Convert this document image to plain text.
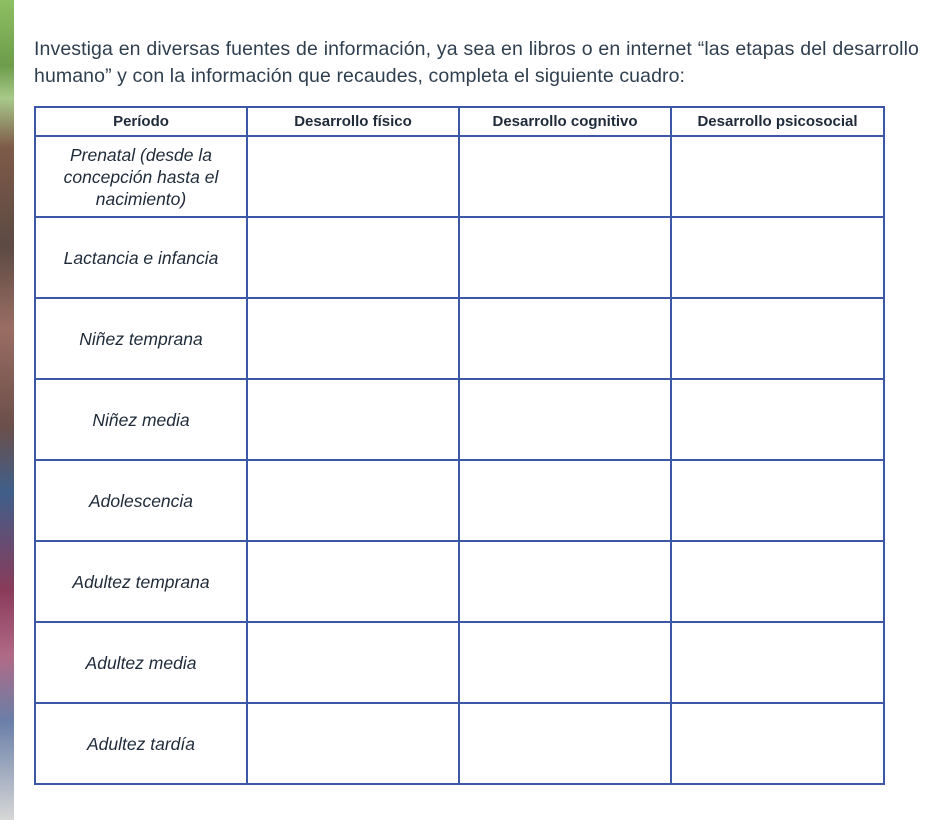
Investiga en diversas fuentes de información, ya sea en libros o en internet “las etapas del desarrollo humano” y con la información que recaudes, completa el siguiente cuadro:

Período	Desarrollo físico	Desarrollo cognitivo	Desarrollo psicosocial

Prenatal (desde la concepción hasta el nacimiento)			

Lactancia e infancia			
Niñez temprana			
Niñez media			
Adolescencia			
Adultez temprana			
Adultez media			
Adultez tardía			
